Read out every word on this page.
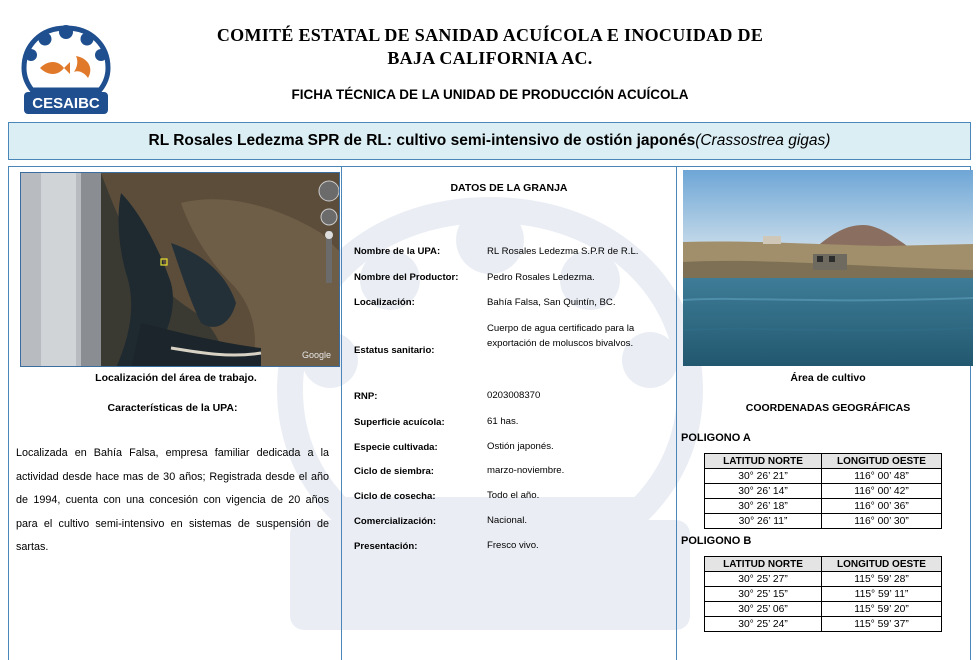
CESAIBC
COMITÉ ESTATAL DE SANIDAD ACUÍCOLA E INOCUIDAD DE
BAJA CALIFORNIA AC.
FICHA TÉCNICA DE LA UNIDAD DE PRODUCCIÓN ACUÍCOLA
RL Rosales Ledezma SPR de RL: cultivo semi-intensivo de ostión japonés(Crassostrea gigas)
Google
Localización del área de trabajo.
Características de la UPA:
Localizada en Bahía Falsa, empresa familiar dedicada a la actividad desde hace mas de 30 años; Registrada desde el año de 1994, cuenta con una concesión con vigencia de 20 años para el cultivo semi-intensivo en sistemas de suspensión de sartas.
DATOS DE LA GRANJA
Nombre de la UPA:	RL Rosales Ledezma S.P.R de R.L.
Nombre del Productor:	Pedro Rosales Ledezma.
Localización:	Bahía Falsa, San Quintín, BC.
Estatus sanitario:
Cuerpo de agua certificado para la exportación de moluscos bivalvos.
RNP:	0203008370
Superficie acuícola:	61 has.
Especie cultivada:	Ostión japonés.
Ciclo de siembra:	marzo-noviembre.
Ciclo de cosecha:	Todo el año.
Comercialización:	Nacional.
Presentación:	Fresco vivo.
Área de cultivo
COORDENADAS GEOGRÁFICAS
POLIGONO A
LATITUD NORTE	LONGITUD OESTE
30° 26’ 21”	116° 00’ 48”
30° 26’ 14”	116° 00’ 42”
30° 26’ 18”	116° 00’ 36”
30° 26’ 11”	116° 00’ 30”
POLIGONO B
LATITUD NORTE	LONGITUD OESTE
30° 25’ 27”	115° 59’ 28”
30° 25’ 15”	115° 59’ 11”
30° 25’ 06”	115° 59’ 20”
30° 25’ 24”	115° 59’ 37”
